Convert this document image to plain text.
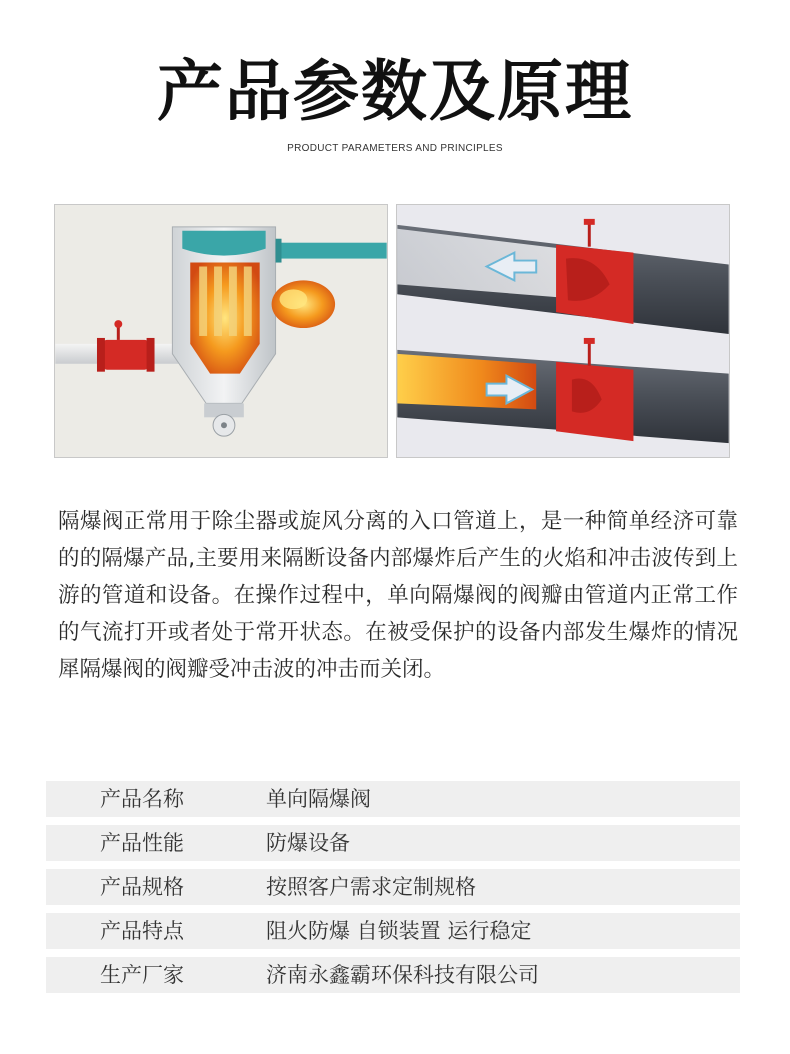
产品参数及原理
PRODUCT PARAMETERS AND PRINCIPLES
隔爆阀正常用于除尘器或旋风分离的入口管道上，是一种简单经济可靠的的隔爆产品,主要用来隔断设备内部爆炸后产生的火焰和冲击波传到上游的管道和设备。在操作过程中，单向隔爆阀的阀瓣由管道内正常工作的气流打开或者处于常开状态。在被受保护的设备内部发生爆炸的情况犀隔爆阀的阀瓣受冲击波的冲击而关闭。
产品名称	单向隔爆阀
产品性能	防爆设备
产品规格	按照客户需求定制规格
产品特点	阻火防爆 自锁装置 运行稳定
生产厂家	济南永鑫霸环保科技有限公司
